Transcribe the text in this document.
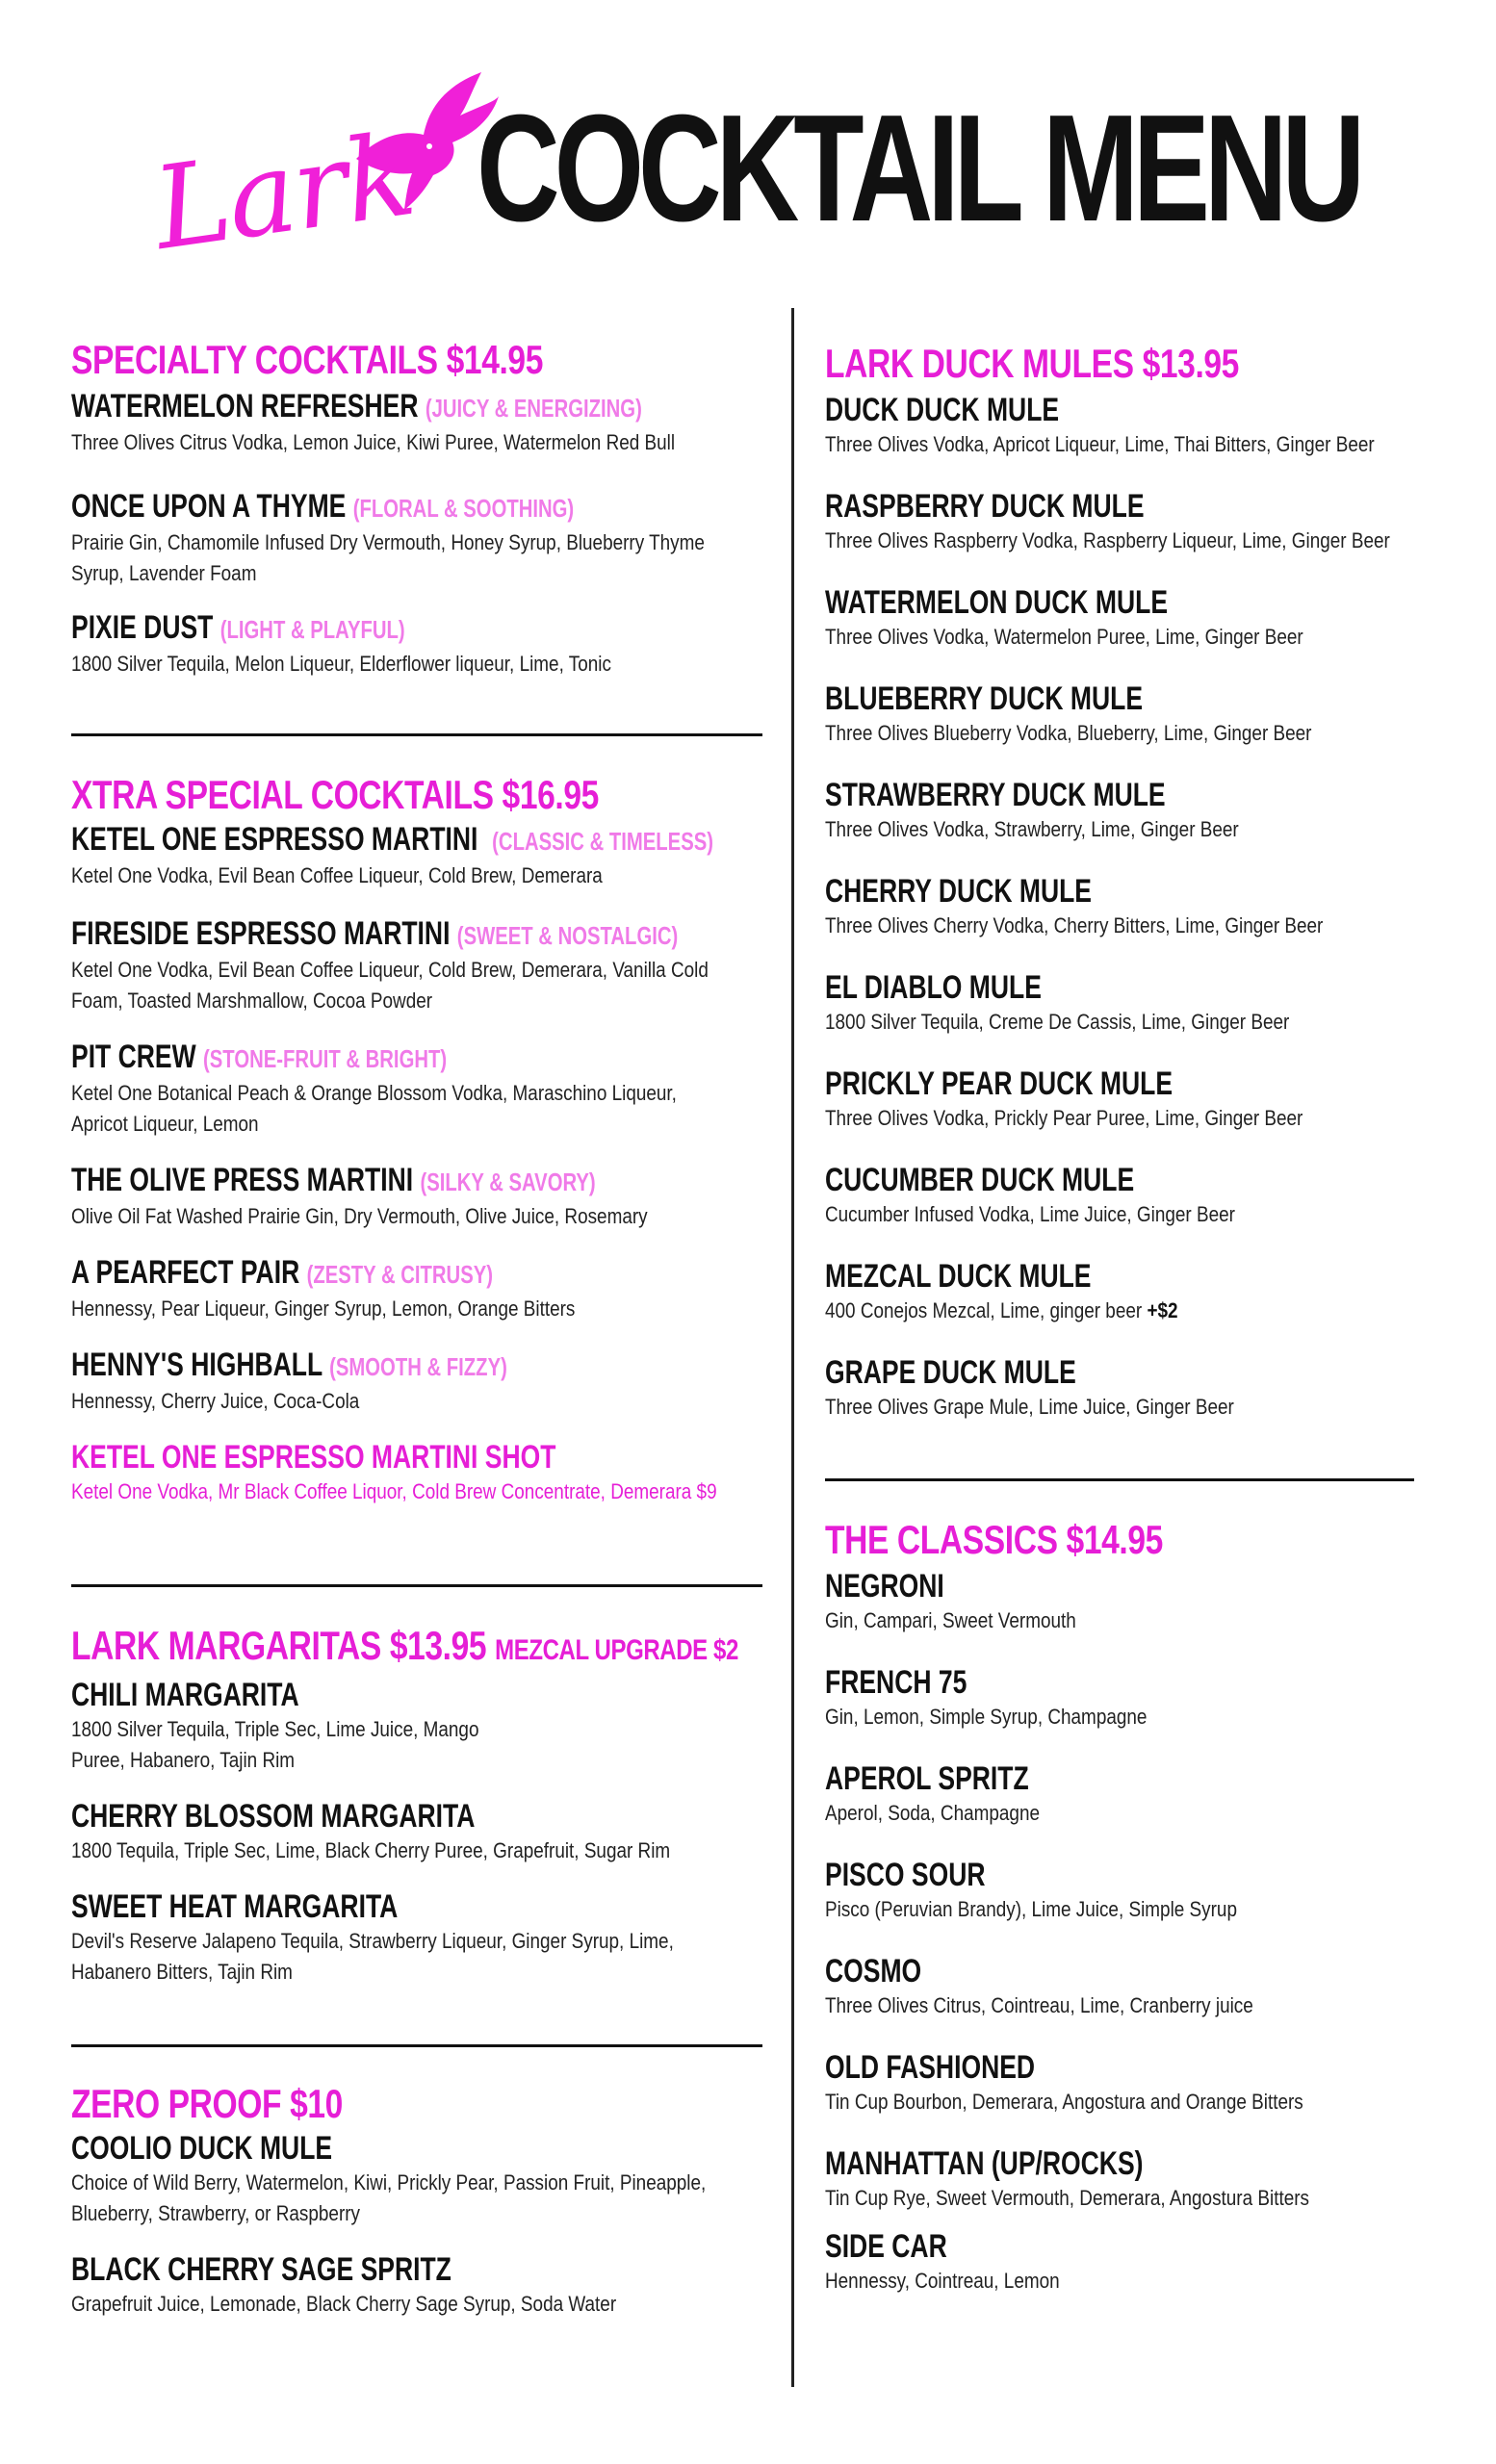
Lark COCKTAIL MENU
SPECIALTY COCKTAILS $14.95
WATERMELON REFRESHER (JUICY & ENERGIZING)
Three Olives Citrus Vodka, Lemon Juice, Kiwi Puree, Watermelon Red Bull
ONCE UPON A THYME (FLORAL & SOOTHING)
Prairie Gin, Chamomile Infused Dry Vermouth, Honey Syrup, Blueberry Thyme Syrup, Lavender Foam
PIXIE DUST (LIGHT & PLAYFUL)
1800 Silver Tequila, Melon Liqueur, Elderflower liqueur, Lime, Tonic
XTRA SPECIAL COCKTAILS $16.95
KETEL ONE ESPRESSO MARTINI (CLASSIC & TIMELESS)
Ketel One Vodka, Evil Bean Coffee Liqueur, Cold Brew, Demerara
FIRESIDE ESPRESSO MARTINI (SWEET & NOSTALGIC)
Ketel One Vodka, Evil Bean Coffee Liqueur, Cold Brew, Demerara, Vanilla Cold Foam, Toasted Marshmallow, Cocoa Powder
PIT CREW (STONE-FRUIT & BRIGHT)
Ketel One Botanical Peach & Orange Blossom Vodka, Maraschino Liqueur, Apricot Liqueur, Lemon
THE OLIVE PRESS MARTINI (SILKY & SAVORY)
Olive Oil Fat Washed Prairie Gin, Dry Vermouth, Olive Juice, Rosemary
A PEARFECT PAIR (ZESTY & CITRUSY)
Hennessy, Pear Liqueur, Ginger Syrup, Lemon, Orange Bitters
HENNY'S HIGHBALL (SMOOTH & FIZZY)
Hennessy, Cherry Juice, Coca-Cola
KETEL ONE ESPRESSO MARTINI SHOT
Ketel One Vodka, Mr Black Coffee Liquor, Cold Brew Concentrate, Demerara $9
LARK MARGARITAS $13.95 MEZCAL UPGRADE $2
CHILI MARGARITA
1800 Silver Tequila, Triple Sec, Lime Juice, Mango Puree, Habanero, Tajin Rim
CHERRY BLOSSOM MARGARITA
1800 Tequila, Triple Sec, Lime, Black Cherry Puree, Grapefruit, Sugar Rim
SWEET HEAT MARGARITA
Devil's Reserve Jalapeno Tequila, Strawberry Liqueur, Ginger Syrup, Lime, Habanero Bitters, Tajin Rim
ZERO PROOF $10
COOLIO DUCK MULE
Choice of Wild Berry, Watermelon, Kiwi, Prickly Pear, Passion Fruit, Pineapple, Blueberry, Strawberry, or Raspberry
BLACK CHERRY SAGE SPRITZ
Grapefruit Juice, Lemonade, Black Cherry Sage Syrup, Soda Water
LARK DUCK MULES $13.95
DUCK DUCK MULE
Three Olives Vodka, Apricot Liqueur, Lime, Thai Bitters, Ginger Beer
RASPBERRY DUCK MULE
Three Olives Raspberry Vodka, Raspberry Liqueur, Lime, Ginger Beer
WATERMELON DUCK MULE
Three Olives Vodka, Watermelon Puree, Lime, Ginger Beer
BLUEBERRY DUCK MULE
Three Olives Blueberry Vodka, Blueberry, Lime, Ginger Beer
STRAWBERRY DUCK MULE
Three Olives Vodka, Strawberry, Lime, Ginger Beer
CHERRY DUCK MULE
Three Olives Cherry Vodka, Cherry Bitters, Lime, Ginger Beer
EL DIABLO MULE
1800 Silver Tequila, Creme De Cassis, Lime, Ginger Beer
PRICKLY PEAR DUCK MULE
Three Olives Vodka, Prickly Pear Puree, Lime, Ginger Beer
CUCUMBER DUCK MULE
Cucumber Infused Vodka, Lime Juice, Ginger Beer
MEZCAL DUCK MULE
400 Conejos Mezcal, Lime, ginger beer +$2
GRAPE DUCK MULE
Three Olives Grape Mule, Lime Juice, Ginger Beer
THE CLASSICS $14.95
NEGRONI
Gin, Campari, Sweet Vermouth
FRENCH 75
Gin, Lemon, Simple Syrup, Champagne
APEROL SPRITZ
Aperol, Soda, Champagne
PISCO SOUR
Pisco (Peruvian Brandy), Lime Juice, Simple Syrup
COSMO
Three Olives Citrus, Cointreau, Lime, Cranberry juice
OLD FASHIONED
Tin Cup Bourbon, Demerara, Angostura and Orange Bitters
MANHATTAN (UP/ROCKS)
Tin Cup Rye, Sweet Vermouth, Demerara, Angostura Bitters
SIDE CAR
Hennessy, Cointreau, Lemon
